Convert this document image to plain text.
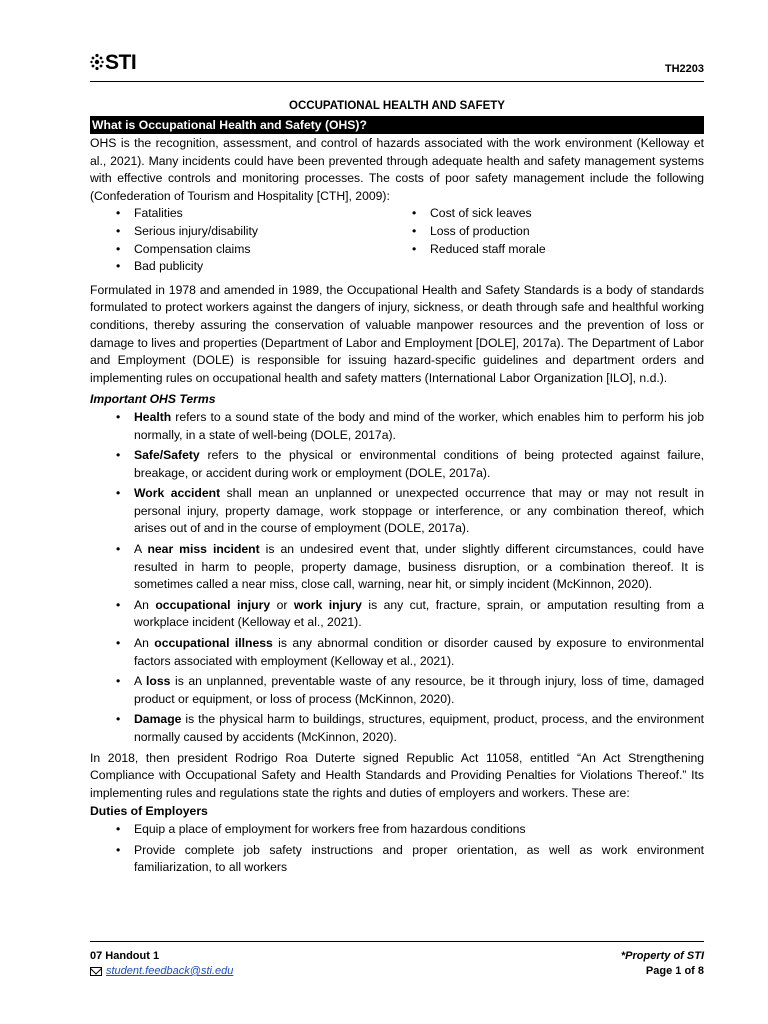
STI	TH2203
OCCUPATIONAL HEALTH AND SAFETY
What is Occupational Health and Safety (OHS)?

OHS is the recognition, assessment, and control of hazards associated with the work environment (Kelloway et al., 2021). Many incidents could have been prevented through adequate health and safety management systems with effective controls and monitoring processes. The costs of poor safety management include the following (Confederation of Tourism and Hospitality [CTH], 2009):

• Fatalities
• Serious injury/disability
• Compensation claims
• Bad publicity
• Cost of sick leaves
• Loss of production
• Reduced staff morale

Formulated in 1978 and amended in 1989, the Occupational Health and Safety Standards is a body of standards formulated to protect workers against the dangers of injury, sickness, or death through safe and healthful working conditions, thereby assuring the conservation of valuable manpower resources and the prevention of loss or damage to lives and properties (Department of Labor and Employment [DOLE], 2017a). The Department of Labor and Employment (DOLE) is responsible for issuing hazard-specific guidelines and department orders and implementing rules on occupational health and safety matters (International Labor Organization [ILO], n.d.).

Important OHS Terms
• Health refers to a sound state of the body and mind of the worker, which enables him to perform his job normally, in a state of well-being (DOLE, 2017a).
• Safe/Safety refers to the physical or environmental conditions of being protected against failure, breakage, or accident during work or employment (DOLE, 2017a).
• Work accident shall mean an unplanned or unexpected occurrence that may or may not result in personal injury, property damage, work stoppage or interference, or any combination thereof, which arises out of and in the course of employment (DOLE, 2017a).
• A near miss incident is an undesired event that, under slightly different circumstances, could have resulted in harm to people, property damage, business disruption, or a combination thereof. It is sometimes called a near miss, close call, warning, near hit, or simply incident (McKinnon, 2020).
• An occupational injury or work injury is any cut, fracture, sprain, or amputation resulting from a workplace incident (Kelloway et al., 2021).
• An occupational illness is any abnormal condition or disorder caused by exposure to environmental factors associated with employment (Kelloway et al., 2021).
• A loss is an unplanned, preventable waste of any resource, be it through injury, loss of time, damaged product or equipment, or loss of process (McKinnon, 2020).
• Damage is the physical harm to buildings, structures, equipment, product, process, and the environment normally caused by accidents (McKinnon, 2020).

In 2018, then president Rodrigo Roa Duterte signed Republic Act 11058, entitled “An Act Strengthening Compliance with Occupational Safety and Health Standards and Providing Penalties for Violations Thereof.” Its implementing rules and regulations state the rights and duties of employers and workers. These are:

Duties of Employers
• Equip a place of employment for workers free from hazardous conditions
• Provide complete job safety instructions and proper orientation, as well as work environment familiarization, to all workers
07 Handout 1
student.feedback@sti.edu
*Property of STI
Page 1 of 8
